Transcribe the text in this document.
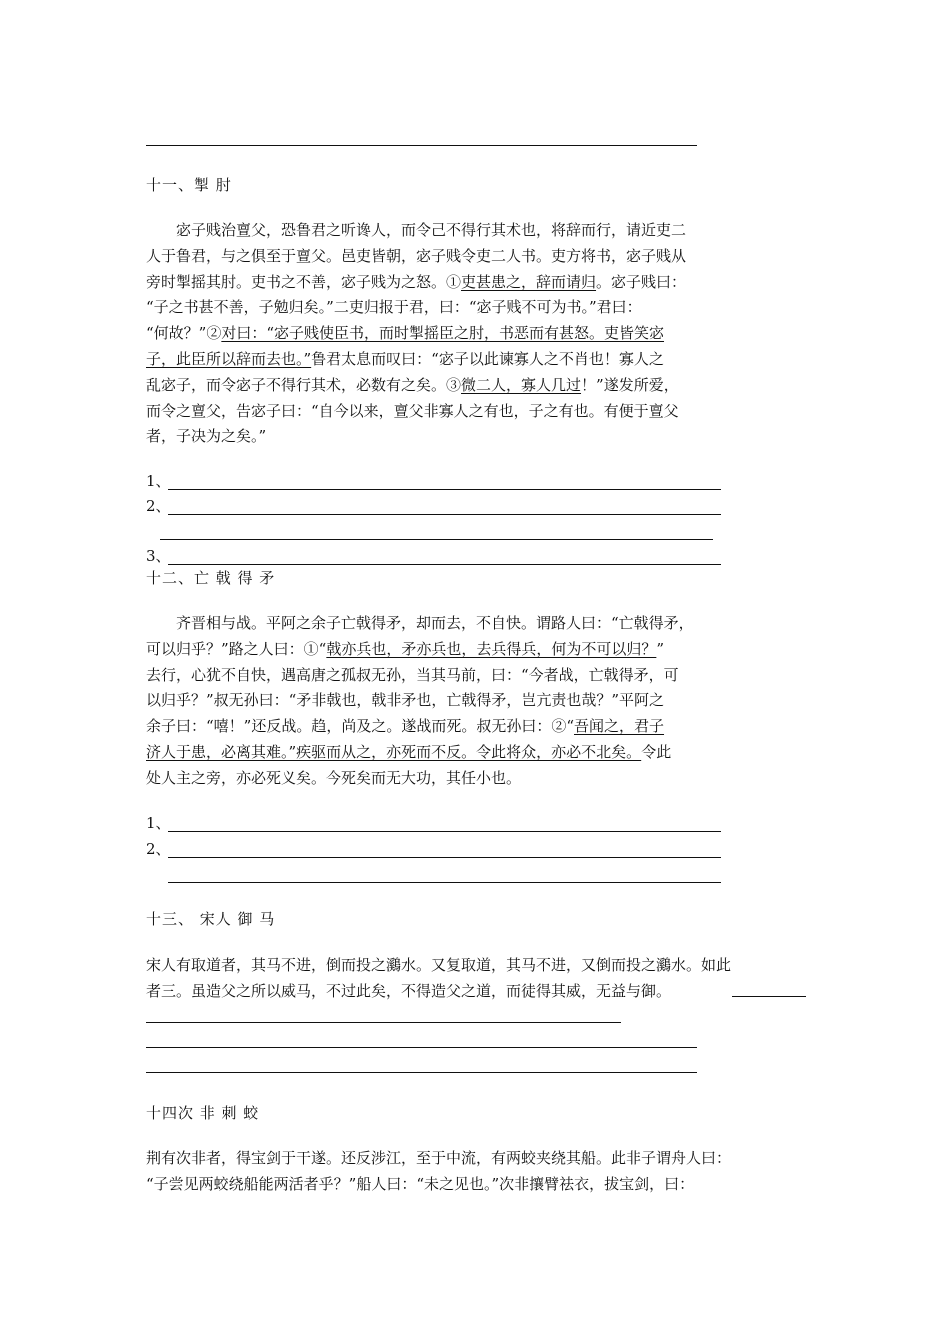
十一、掣 肘
　　宓子贱治亶父，恐鲁君之听谗人，而令己不得行其术也，将辞而行，请近吏二
人于鲁君，与之俱至于亶父。邑吏皆朝，宓子贱令吏二人书。吏方将书，宓子贱从
旁时掣摇其肘。吏书之不善，宓子贱为之怒。①吏甚患之，辞而请归。宓子贱曰：
“子之书甚不善，子勉归矣。”二吏归报于君，曰：“宓子贱不可为书。”君曰：
“何故？”②对曰：“宓子贱使臣书，而时掣摇臣之肘，书恶而有甚怒。吏皆笑宓
子，此臣所以辞而去也。”鲁君太息而叹曰：“宓子以此谏寡人之不肖也！寡人之
乱宓子，而令宓子不得行其术，必数有之矣。③微二人，寡人几过！”遂发所爱，
而令之亶父，告宓子曰：“自今以来，亶父非寡人之有也，子之有也。有便于亶父
者，子决为之矣。”
1、
2、
3、
十二、亡 戟 得 矛
　　齐晋相与战。平阿之余子亡戟得矛，却而去，不自快。谓路人曰：“亡戟得矛，
可以归乎？”路之人曰：①“戟亦兵也，矛亦兵也，去兵得兵，何为不可以归？”
去行，心犹不自快，遇高唐之孤叔无孙，当其马前，曰：“今者战，亡戟得矛，可
以归乎？”叔无孙曰：“矛非戟也，戟非矛也，亡戟得矛，岂亢责也哉？”平阿之
余子曰：“嘻！”还反战。趋，尚及之。遂战而死。叔无孙曰：②“吾闻之，君子
济人于患，必离其难。”疾驱而从之，亦死而不反。令此将众，亦必不北矣。令此
处人主之旁，亦必死义矣。今死矣而无大功，其任小也。
1、
2、
十三、 宋人 御 马
宋人有取道者，其马不进，倒而投之鸂水。又复取道，其马不进，又倒而投之鸂水。如此
者三。虽造父之所以威马，不过此矣，不得造父之道，而徒得其威，无益与御。
十四次 非 刺 蛟
荆有次非者，得宝剑于干遂。还反涉江，至于中流，有两蛟夹绕其船。此非子谓舟人曰：
“子尝见两蛟绕船能两活者乎？”船人曰：“未之见也。”次非攘臂祛衣，拔宝剑，曰：
